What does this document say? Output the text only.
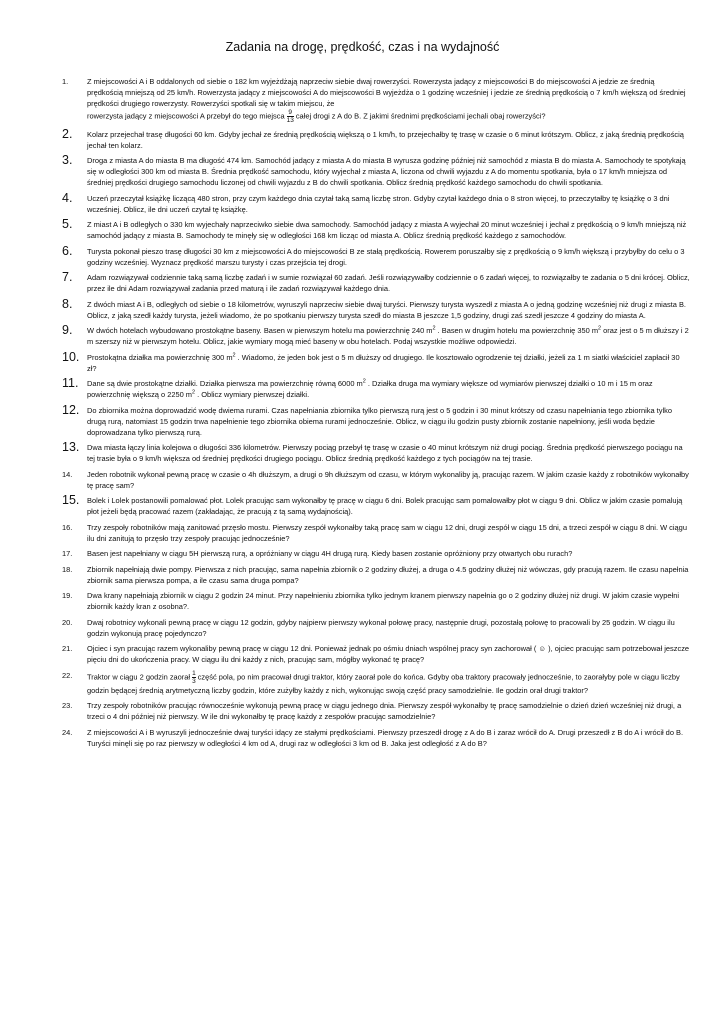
Zadania na drogę, prędkość, czas i na wydajność
1.	Z miejscowości A i B oddalonych od siebie o 182 km wyjeżdżają naprzeciw siebie dwaj rowerzyści. Rowerzysta jadący z miejscowości B do miejscowości A jedzie ze średnią prędkością mniejszą od 25 km/h. Rowerzysta jadący z miejscowości A do miejscowości B wyjeżdża o 1 godzinę wcześniej i jedzie ze średnią prędkością o 7 km/h większą od średniej prędkości drugiego rowerzysty. Rowerzyści spotkali się w takim miejscu, że
rowerzysta jadący z miejscowości A przebył do tego miejsca $\frac{9}{13}$ całej drogi z A do B. Z jakimi średnimi prędkościami jechali obaj rowerzyści?
2.	Kolarz przejechał trasę długości 60 km. Gdyby jechał ze średnią prędkością większą o 1 km/h, to przejechałby tę trasę w czasie o 6 minut krótszym. Oblicz, z jaką średnią prędkością jechał ten kolarz.
3.	Droga z miasta A do miasta B ma długość 474 km. Samochód jadący z miasta A do miasta B wyrusza godzinę później niż samochód z miasta B do miasta A. Samochody te spotykają się w odległości 300 km od miasta B. Średnia prędkość samochodu, który wyjechał z miasta A, liczona od chwili wyjazdu z A do momentu spotkania, była o 17 km/h mniejsza od średniej prędkości drugiego samochodu liczonej od chwili wyjazdu z B do chwili spotkania. Oblicz średnią prędkość każdego samochodu do chwili spotkania.
4.	Uczeń przeczytał książkę liczącą 480 stron, przy czym każdego dnia czytał taką samą liczbę stron. Gdyby czytał każdego dnia o 8 stron więcej, to przeczytałby tę książkę o 3 dni wcześniej. Oblicz, ile dni uczeń czytał tę książkę.
5.	Z miast A i B odległych o 330 km wyjechały naprzeciwko siebie dwa samochody. Samochód jadący z miasta A wyjechał 20 minut wcześniej i jechał z prędkością o 9 km/h mniejszą niż samochód jadący z miasta B. Samochody te minęły się w odległości 168 km licząc od miasta A. Oblicz średnią prędkość każdego z samochodów.
6.	Turysta pokonał pieszo trasę długości 30 km z miejscowości A do miejscowości B ze stałą prędkością. Rowerem poruszałby się z prędkością o 9 km/h większą i przybyłby do celu o 3 godziny wcześniej. Wyznacz prędkość marszu turysty i czas przejścia tej drogi.
7.	Adam rozwiązywał codziennie taką samą liczbę zadań i w sumie rozwiązał 60 zadań. Jeśli rozwiązywałby codziennie o 6 zadań więcej, to rozwiązałby te zadania o 5 dni krócej. Oblicz, przez ile dni Adam rozwiązywał zadania przed maturą i ile zadań rozwiązywał każdego dnia.
8.	Z dwóch miast A i B, odległych od siebie o 18 kilometrów, wyruszyli naprzeciw siebie dwaj turyści. Pierwszy turysta wyszedł z miasta A o jedną godzinę wcześniej niż drugi z miasta B. Oblicz, z jaką szedł każdy turysta, jeżeli wiadomo, że po spotkaniu pierwszy turysta szedł do miasta B jeszcze 1,5 godziny, drugi zaś szedł jeszcze 4 godziny do miasta A.
9.	W dwóch hotelach wybudowano prostokątne baseny. Basen w pierwszym hotelu ma powierzchnię 240 $m^2$ . Basen w drugim hotelu ma powierzchnię 350 $m^2$ oraz jest o 5 m dłuższy i 2 m szerszy niż w pierwszym hotelu. Oblicz, jakie wymiary mogą mieć baseny w obu hotelach. Podaj wszystkie możliwe odpowiedzi.
10.	Prostokątna działka ma powierzchnię 300 $m^2$ . Wiadomo, że jeden bok jest o 5 m dłuższy od drugiego. Ile kosztowało ogrodzenie tej działki, jeżeli za 1 m siatki właściciel zapłacił 30 zł?
11.	Dane są dwie prostokątne działki. Działka pierwsza ma powierzchnię równą 6000 $m^2$ . Działka druga ma wymiary większe od wymiarów pierwszej działki o 10 m i 15 m oraz powierzchnię większą o 2250 $m^2$ . Oblicz wymiary pierwszej działki.
12.	Do zbiornika można doprowadzić wodę dwiema rurami. Czas napełniania zbiornika tylko pierwszą rurą jest o 5 godzin i 30 minut krótszy od czasu napełniania tego zbiornika tylko drugą rurą, natomiast 15 godzin trwa napełnienie tego zbiornika obiema rurami jednocześnie. Oblicz, w ciągu ilu godzin pusty zbiornik zostanie napełniony, jeśli woda będzie doprowadzana tylko pierwszą rurą.
13.	Dwa miasta łączy linia kolejowa o długości 336 kilometrów. Pierwszy pociąg przebył tę trasę w czasie o 40 minut krótszym niż drugi pociąg. Średnia prędkość pierwszego pociągu na tej trasie była o 9 km/h większa od średniej prędkości drugiego pociągu. Oblicz średnią prędkość każdego z tych pociągów na tej trasie.
14.	Jeden robotnik wykonał pewną pracę w czasie o 4h dłuższym, a drugi o 9h dłuższym od czasu, w którym wykonaliby ją, pracując razem. W jakim czasie każdy z robotników wykonałby tę pracę sam?
15.	Bolek i Lolek postanowili pomalować płot. Lolek pracując sam wykonałby tę pracę w ciągu 6 dni. Bolek pracując sam pomalowałby płot w ciągu 9 dni. Oblicz w jakim czasie pomalują płot jeżeli będą pracować razem (zakładając, że pracują z tą samą wydajnością).
16.	Trzy zespoły robotników mają zanitować przęsło mostu. Pierwszy zespół wykonałby taką pracę sam w ciągu 12 dni, drugi zespół w ciągu 15 dni, a trzeci zespół w ciągu 8 dni. W ciągu ilu dni zanitują to przęsło trzy zespoły pracując jednocześnie?
17.	Basen jest napełniany w ciągu 5H pierwszą rurą, a opróżniany w ciągu 4H drugą rurą. Kiedy basen zostanie opróżniony przy otwartych obu rurach?
18.	Zbiornik napełniają dwie pompy. Pierwsza z nich pracując, sama napełnia zbiornik o 2 godziny dłużej, a druga o 4.5 godziny dłużej niż wówczas, gdy pracują razem. Ile czasu napełnia zbiornik sama pierwsza pompa, a ile czasu sama druga pompa?
19.	Dwa krany napełniają zbiornik w ciągu 2 godzin 24 minut. Przy napełnieniu zbiornika tylko jednym kranem pierwszy napełnia go o 2 godziny dłużej niż drugi. W jakim czasie wypełni zbiornik każdy kran z osobna?.
20.	Dwaj robotnicy wykonali pewną pracę w ciągu 12 godzin, gdyby najpierw pierwszy wykonał połowę pracy, następnie drugi, pozostałą połowę to pracowali by 25 godzin. W ciągu ilu godzin wykonują pracę pojedynczo?
21.	Ojciec i syn pracując razem wykonaliby pewną pracę w ciągu 12 dni. Ponieważ jednak po ośmiu dniach wspólnej pracy syn zachorował ( ☺ ), ojciec pracując sam potrzebował jeszcze pięciu dni do ukończenia pracy. W ciągu ilu dni każdy z nich, pracując sam, mógłby wykonać tę pracę?
22.	Traktor w ciągu 2 godzin zaorał $\frac{1}{3}$ część pola, po nim pracował drugi traktor, który zaorał pole do końca. Gdyby oba traktory pracowały jednocześnie, to zaorałyby pole w ciągu liczby godzin będącej średnią arytmetyczną liczby godzin, które zużyłby każdy z nich, wykonując swoją część pracy samodzielnie. Ile godzin orał drugi traktor?
23.	Trzy zespoły robotników pracując równocześnie wykonują pewną pracę w ciągu jednego dnia. Pierwszy zespół wykonałby tę pracę samodzielnie o dzień dzień wcześniej niż drugi, a trzeci o 4 dni później niż pierwszy. W ile dni wykonałby tę pracę każdy z zespołów pracując samodzielnie?
24.	Z miejscowości A i B wyruszyli jednocześnie dwaj turyści idący ze stałymi prędkościami. Pierwszy przeszedł drogę z A do B i zaraz wrócił do A. Drugi przeszedł z B do A i wrócił do B. Turyści minęli się po raz pierwszy w odległości 4 km od A, drugi raz w odległości 3 km od B. Jaka jest odległość z A do B?
